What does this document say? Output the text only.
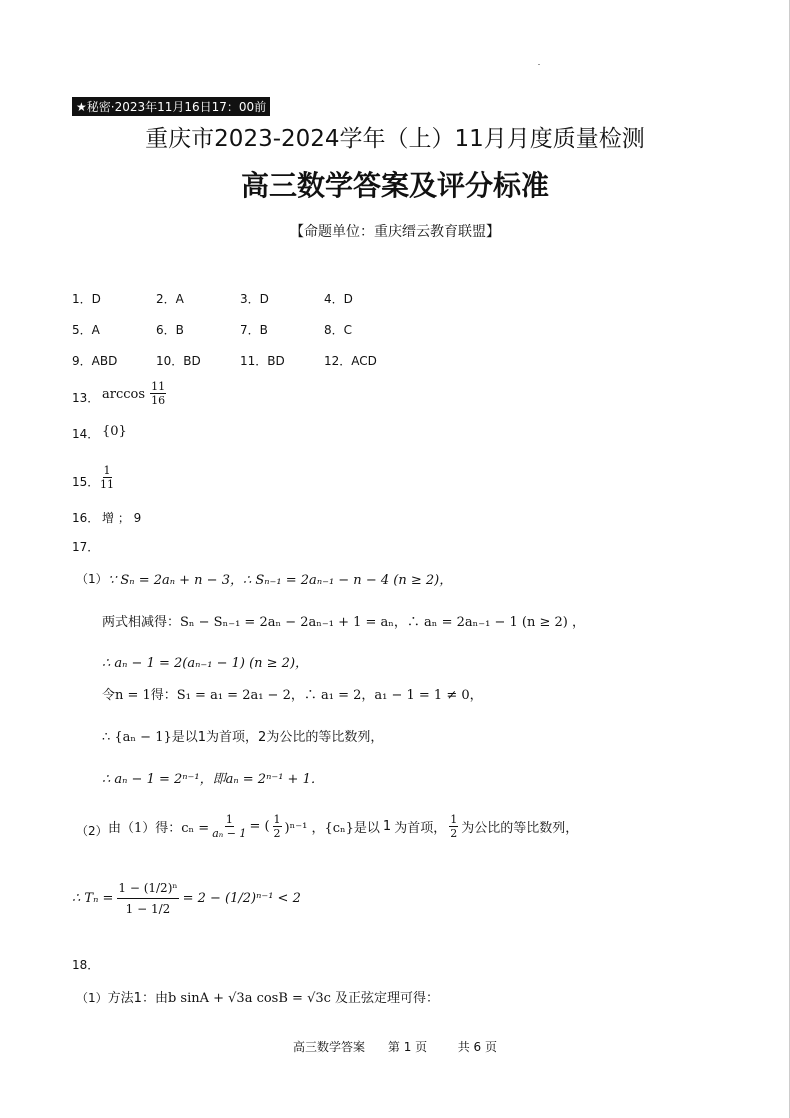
★秘密·2023年11月16日17：00前
重庆市2023-2024学年（上）11月月度质量检测
高三数学答案及评分标准
【命题单位：重庆缙云教育联盟】
1．D	2．A	3．D	4．D
5．A	6．B	7．B	8．C
9．ABD	10．BD	11．BD	12．ACD
13． $\arccos \frac{11}{16}$
14． {0}
15． $\frac{1}{11}$
16． 增 ； 9
17．
（1） ∵ Sₙ = 2aₙ + n − 3，∴ Sₙ₋₁ = 2aₙ₋₁ − n − 4 (n ≥ 2)，
两式相减得：Sₙ − Sₙ₋₁ = 2aₙ − 2aₙ₋₁ + 1 = aₙ，∴ aₙ = 2aₙ₋₁ − 1 (n ≥ 2) ，
∴ aₙ − 1 = 2(aₙ₋₁ − 1) (n ≥ 2)，
令n = 1得：S₁ = a₁ = 2a₁ − 2，∴ a₁ = 2，a₁ − 1 = 1 ≠ 0，
∴ {aₙ − 1}是以1为首项，2为公比的等比数列，
∴ aₙ − 1 = 2ⁿ⁻¹，即aₙ = 2ⁿ⁻¹ + 1．
（2） 由（1）得：$c_n = \frac{1}{\text{aₙ − 1}}$ = ( $\frac{1}{2} )^{n-1}$ ，{cₙ}是以 1 为首项， $\frac{1}{2}$ 为公比的等比数列，
∴ $T_n = \frac{\text{1 − (1/2)ⁿ}}{1 - 1/2} = 2 - (1/2)^{n-1} < 2$
18．
（1）方法1：由b sinA + √3a cosB = √3c 及正弦定理可得：
高三数学答案 第 1 页	共 6 页
